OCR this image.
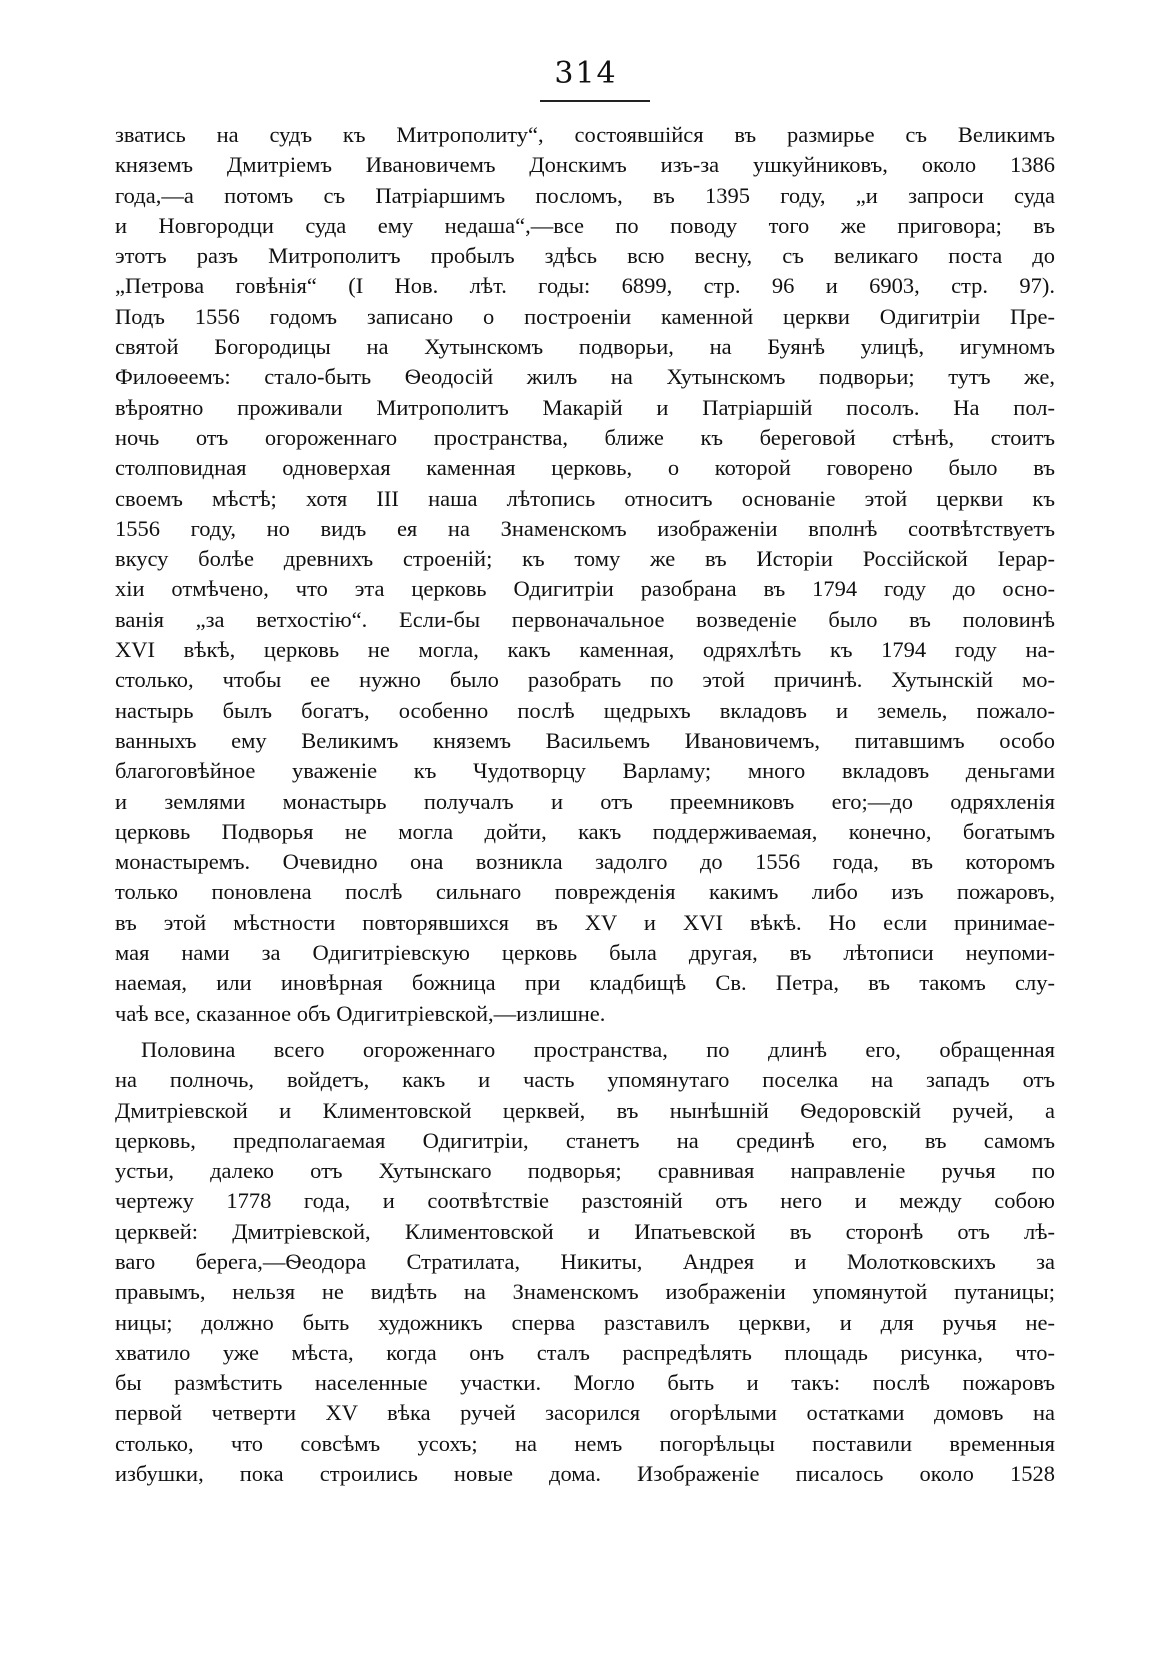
314
зватись на судъ къ Митрополиту“, состоявшійся въ размирье съ Великимъ
княземъ Дмитріемъ Ивановичемъ Донскимъ изъ-за ушкуйниковъ, около 1386
года,—а потомъ съ Патріаршимъ посломъ, въ 1395 году, „и запроси суда
и Новгородци суда ему недаша“,—все по поводу того же приговора; въ
этотъ разъ Митрополитъ пробылъ здѣсь всю весну, съ великаго поста до
„Петрова говѣнія“ (I Нов. лѣт. годы: 6899, стр. 96 и 6903, стр. 97).
Подъ 1556 годомъ записано о построеніи каменной церкви Одигитріи Пре-
святой Богородицы на Хутынскомъ подворьи, на Буянѣ улицѣ, игумномъ
Филоѳеемъ: стало-быть Ѳеодосій жилъ на Хутынскомъ подворьи; тутъ же,
вѣроятно проживали Митрополитъ Макарій и Патріаршій посолъ. На пол-
ночь отъ огороженнаго пространства, ближе къ береговой стѣнѣ, стоитъ
столповидная одноверхая каменная церковь, о которой говорено было въ
своемъ мѣстѣ; хотя III наша лѣтопись относитъ основаніе этой церкви къ
1556 году, но видъ ея на Знаменскомъ изображеніи вполнѣ соотвѣтствуетъ
вкусу болѣе древнихъ строеній; къ тому же въ Исторіи Россійской Іерар-
хіи отмѣчено, что эта церковь Одигитріи разобрана въ 1794 году до осно-
ванія „за ветхостію“. Если-бы первоначальное возведеніе было въ половинѣ
XVI вѣкѣ, церковь не могла, какъ каменная, одряхлѣть къ 1794 году на-
столько, чтобы ее нужно было разобрать по этой причинѣ. Хутынскій мо-
настырь былъ богатъ, особенно послѣ щедрыхъ вкладовъ и земель, пожало-
ванныхъ ему Великимъ княземъ Васильемъ Ивановичемъ, питавшимъ особо
благоговѣйное уваженіе къ Чудотворцу Варламу; много вкладовъ деньгами
и землями монастырь получалъ и отъ преемниковъ его;—до одряхленія
церковь Подворья не могла дойти, какъ поддерживаемая, конечно, богатымъ
монастыремъ. Очевидно она возникла задолго до 1556 года, въ которомъ
только поновлена послѣ сильнаго поврежденія какимъ либо изъ пожаровъ,
въ этой мѣстности повторявшихся въ XV и XVI вѣкѣ. Но если принимае-
мая нами за Одигитріевскую церковь была другая, въ лѣтописи неупоми-
наемая, или иновѣрная божница при кладбищѣ Св. Петра, въ такомъ слу-
чаѣ все, сказанное объ Одигитріевской,—излишне.
Половина всего огороженнаго пространства, по длинѣ его, обращенная
на полночь, войдетъ, какъ и часть упомянутаго поселка на западъ отъ
Дмитріевской и Климентовской церквей, въ нынѣшній Ѳедоровскій ручей, а
церковь, предполагаемая Одигитріи, станетъ на срединѣ его, въ самомъ
устьи, далеко отъ Хутынскаго подворья; сравнивая направленіе ручья по
чертежу 1778 года, и соотвѣтствіе разстояній отъ него и между собою
церквей: Дмитріевской, Климентовской и Ипатьевской въ сторонѣ отъ лѣ-
ваго берега,—Ѳеодора Стратилата, Никиты, Андрея и Молотковскихъ за
правымъ, нельзя не видѣть на Знаменскомъ изображеніи упомянутой путаницы;
ницы; должно быть художникъ сперва разставилъ церкви, и для ручья не-
хватило уже мѣста, когда онъ сталъ распредѣлять площадь рисунка, что-
бы размѣстить населенные участки. Могло быть и такъ: послѣ пожаровъ
первой четверти XV вѣка ручей засорился огорѣлыми остатками домовъ на
столько, что совсѣмъ усохъ; на немъ погорѣльцы поставили временныя
избушки, пока строились новые дома. Изображеніе писалось около 1528
